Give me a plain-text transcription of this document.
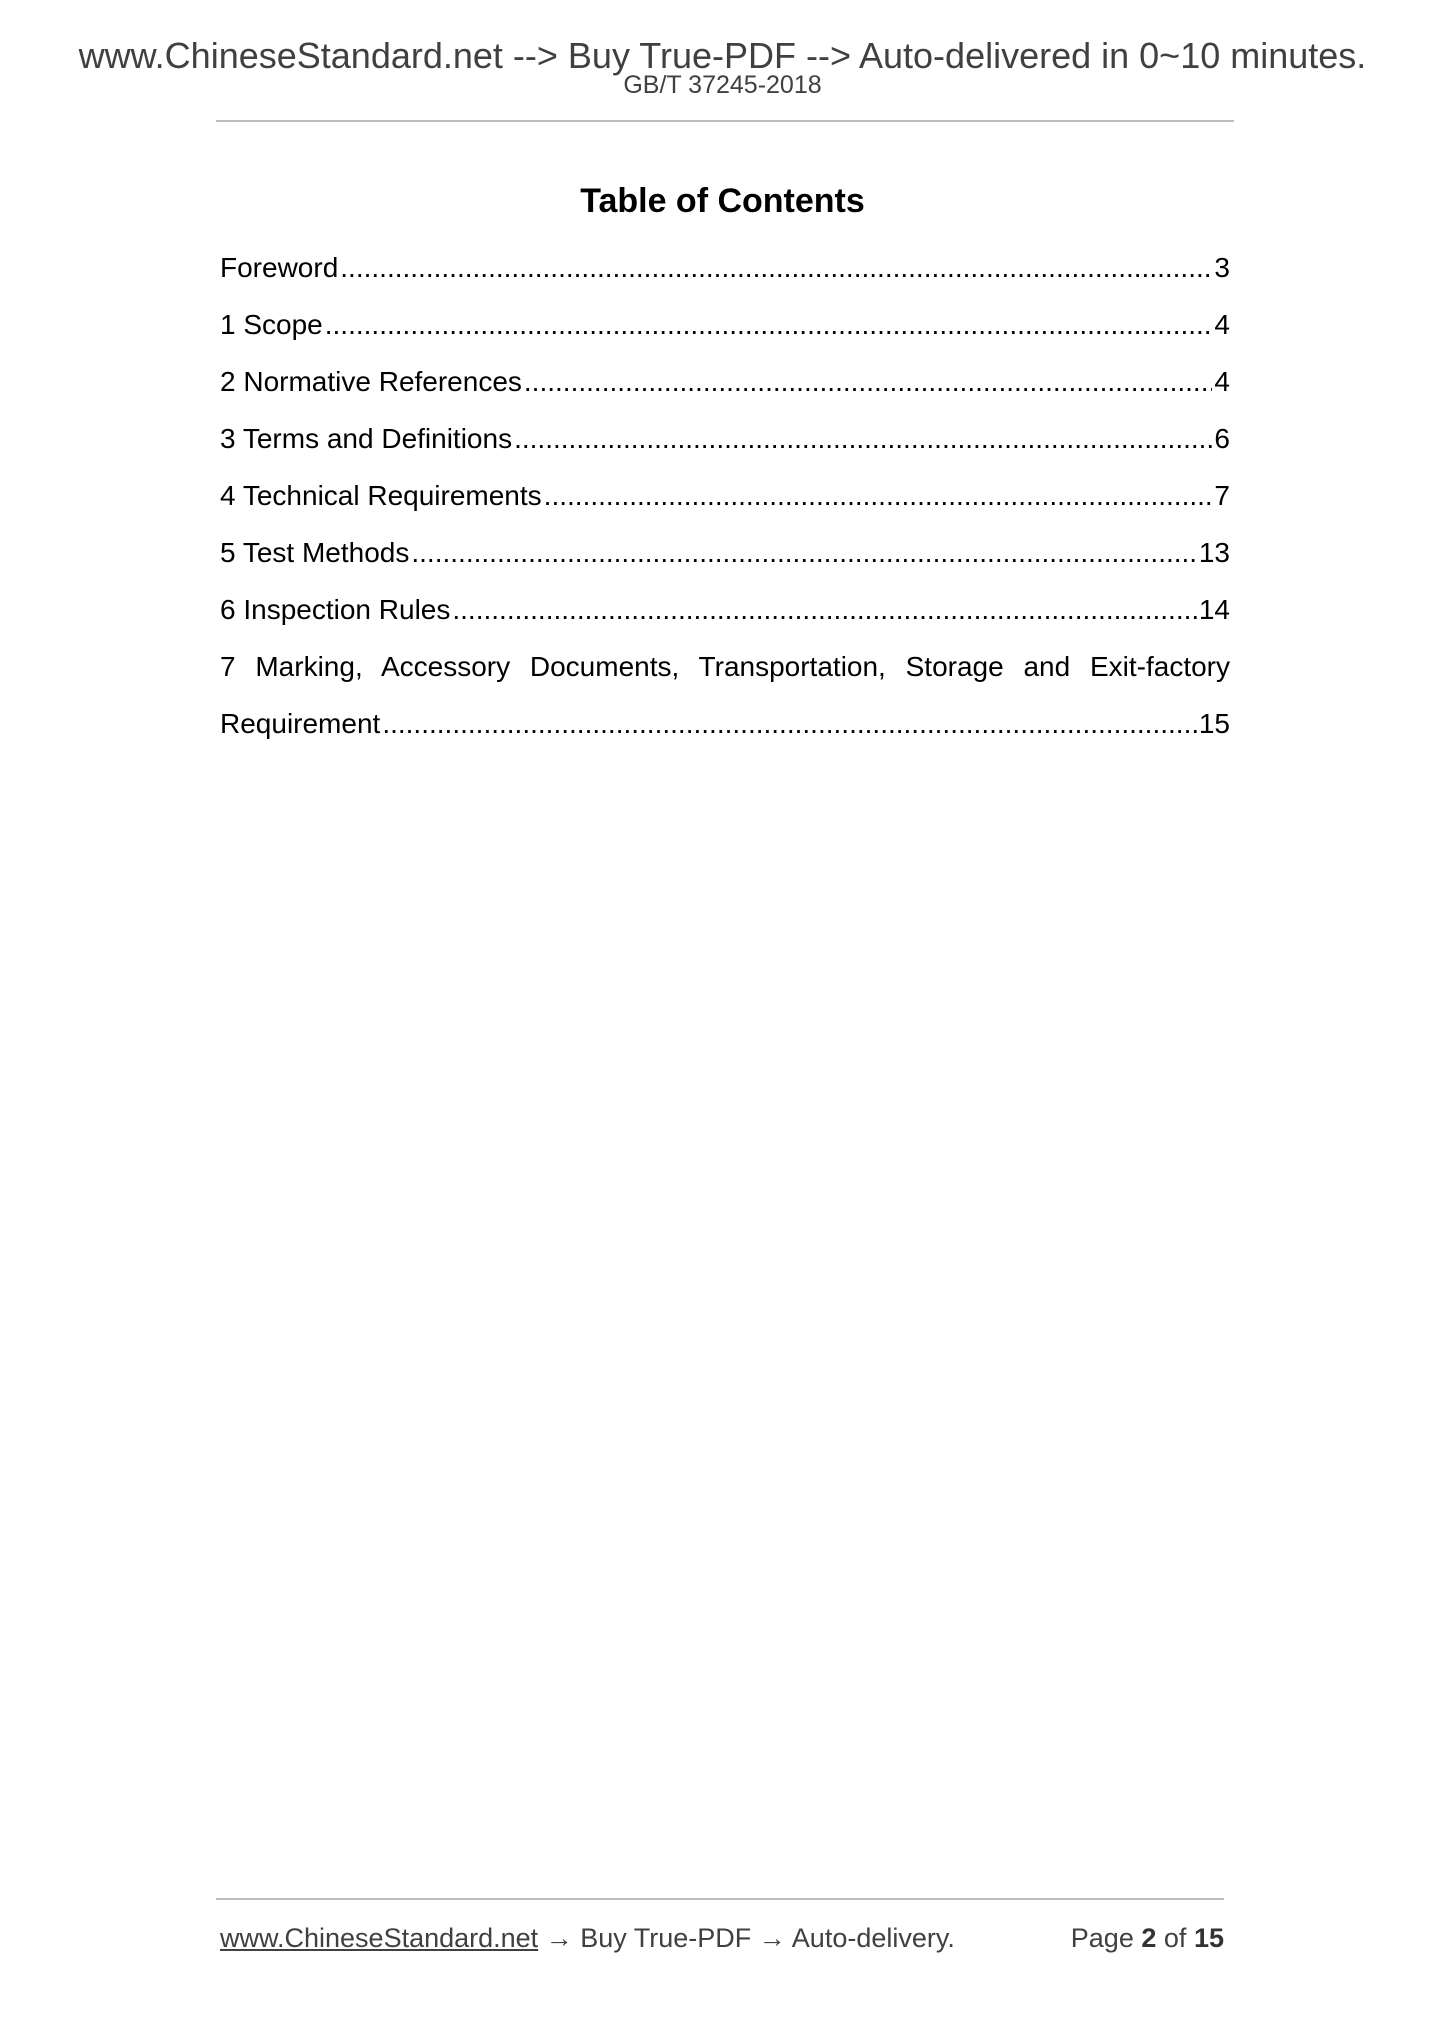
www.ChineseStandard.net --> Buy True-PDF --> Auto-delivered in 0~10 minutes.
GB/T 37245-2018
Table of Contents
Foreword .....	3
1 Scope .....	4
2 Normative References .....	4
3 Terms and Definitions .....	6
4 Technical Requirements .....	7
5 Test Methods .....	13
6 Inspection Rules .....	14
7 Marking, Accessory Documents, Transportation, Storage and Exit-factory
Requirement .....	15
www.ChineseStandard.net → Buy True-PDF → Auto-delivery.	Page 2 of 15
